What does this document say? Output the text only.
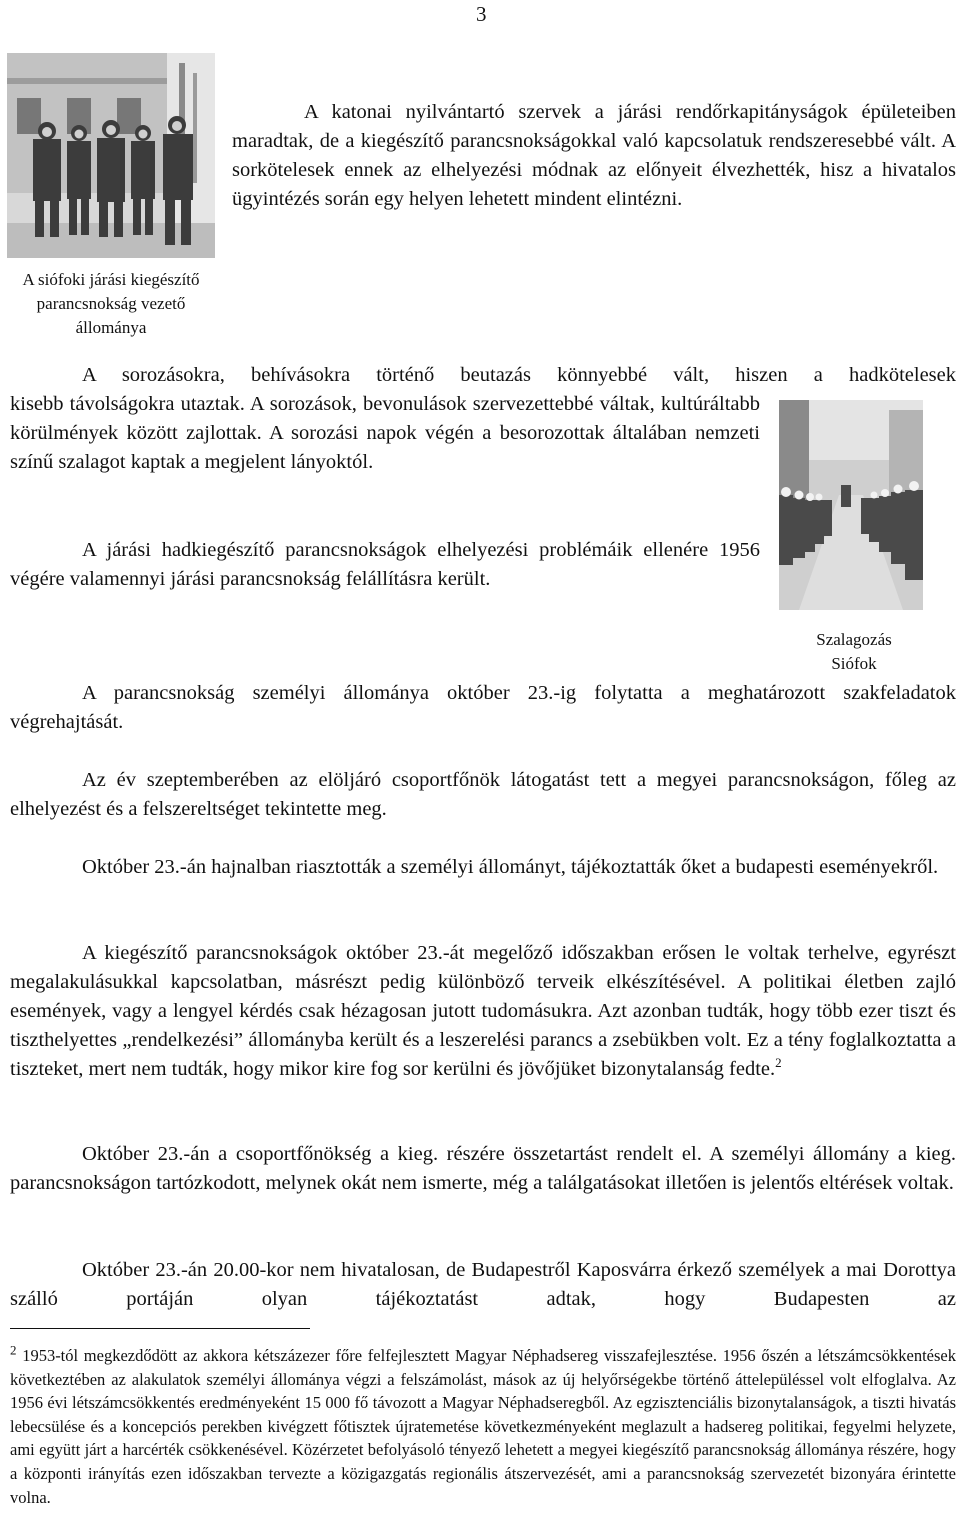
3
A siófoki járási kiegészítő
parancsnokság vezető
állománya
A katonai nyilvántartó szervek a járási rendőrkapitányságok épületeiben maradtak, de a kiegészítő parancsnokságokkal való kapcsolatuk rendszeresebbé vált. A sorkötelesek ennek az elhelyezési módnak az előnyeit élvezhették, hisz a hivatalos ügyintézés során egy helyen lehetett mindent elintézni.
A sorozásokra, behívásokra történő beutazás könnyebbé vált, hiszen a hadkötelesek
kisebb távolságokra utaztak. A sorozások, bevonulások szervezettebbé váltak, kultúráltabb körülmények között zajlottak. A sorozási napok végén a besorozottak általában nemzeti színű szalagot kaptak a megjelent lányoktól.
Szalagozás
Siófok
A járási hadkiegészítő parancsnokságok elhelyezési problémáik ellenére 1956 végére valamennyi járási parancsnokság felállításra került.
A parancsnokság személyi állománya október 23.-ig folytatta a meghatározott szakfeladatok végrehajtását.
Az év szeptemberében az elöljáró csoportfőnök látogatást tett a megyei parancsnokságon, főleg az elhelyezést és a felszereltséget tekintette meg.
Október 23.-án hajnalban riasztották a személyi állományt, tájékoztatták őket a budapesti eseményekről.
A kiegészítő parancsnokságok október 23.-át megelőző időszakban erősen le voltak terhelve, egyrészt megalakulásukkal kapcsolatban, másrészt pedig különböző terveik elkészítésével. A politikai életben zajló események, vagy a lengyel kérdés csak hézagosan jutott tudomásukra. Azt azonban tudták, hogy több ezer tiszt és tiszthelyettes „rendelkezési” állományba került és a leszerelési parancs a zsebükben volt. Ez a tény foglalkoztatta a tiszteket, mert nem tudták, hogy mikor kire fog sor kerülni és jövőjüket bizonytalanság fedte.$^2$
Október 23.-án a csoportfőnökség a kieg. részére összetartást rendelt el. A személyi állomány a kieg. parancsnokságon tartózkodott, melynek okát nem ismerte, még a találgatásokat illetően is jelentős eltérések voltak.
Október 23.-án 20.00-kor nem hivatalosan, de Budapestről Kaposvárra érkező személyek a mai Dorottya szálló portáján olyan tájékoztatást adtak, hogy Budapesten az
$^2$ 1953-tól megkezdődött az akkora kétszázezer főre felfejlesztett Magyar Néphadsereg visszafejlesztése. 1956 őszén a létszámcsökkentések következtében az alakulatok személyi állománya végzi a felszámolást, mások az új helyőrségekbe történő áttelepüléssel volt elfoglalva. Az 1956 évi létszámcsökkentés eredményeként 15 000 fő távozott a Magyar Néphadseregből. Az egzisztenciális bizonytalanságok, a tiszti hivatás lebecsülése és a koncepciós perekben kivégzett főtisztek újratemetése következményeként meglazult a hadsereg politikai, fegyelmi helyzete, ami együtt járt a harcérték csökkenésével. Közérzetet befolyásoló tényező lehetett a megyei kiegészítő parancsnokság állománya részére, hogy a központi irányítás ezen időszakban tervezte a közigazgatás regionális átszervezését, ami a parancsnokság szervezetét bizonyára érintette volna.
